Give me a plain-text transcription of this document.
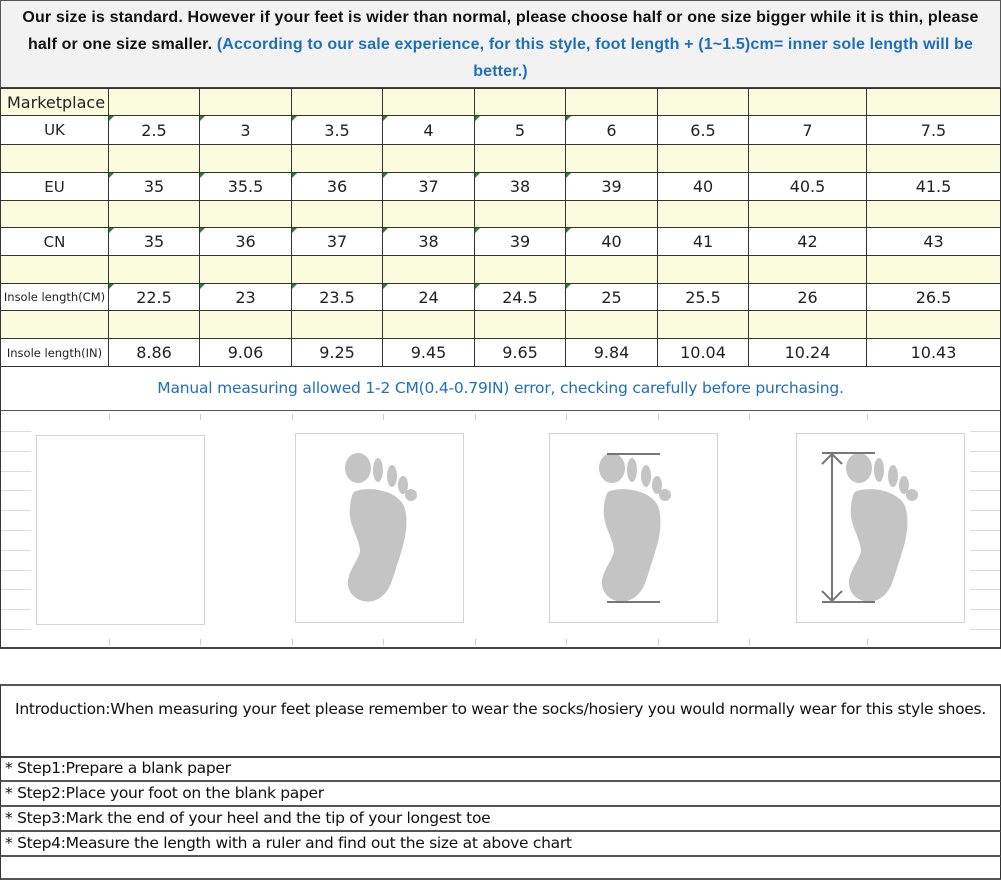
Our size is standard. However if your feet is wider than normal, please choose half or one size bigger while it is thin, please half or one size smaller. (According to our sale experience, for this style, foot length + (1~1.5)cm= inner sole length will be better.)
Marketplace									
UK	2.5	3	3.5	4	5	6	6.5	7	7.5

EU	35	35.5	36	37	38	39	40	40.5	41.5

CN	35	36	37	38	39	40	41	42	43

Insole length(CM)	22.5	23	23.5	24	24.5	25	25.5	26	26.5

Insole length(IN)	8.86	9.06	9.25	9.45	9.65	9.84	10.04	10.24	10.43
Manual measuring allowed 1-2 CM(0.4-0.79IN) error, checking carefully before purchasing.
Introduction:When measuring your feet please remember to wear the socks/hosiery you would normally wear for this style shoes.
* Step1:Prepare a blank paper
* Step2:Place your foot on the blank paper
* Step3:Mark the end of your heel and the tip of your longest toe
* Step4:Measure the length with a ruler and find out the size at above chart
